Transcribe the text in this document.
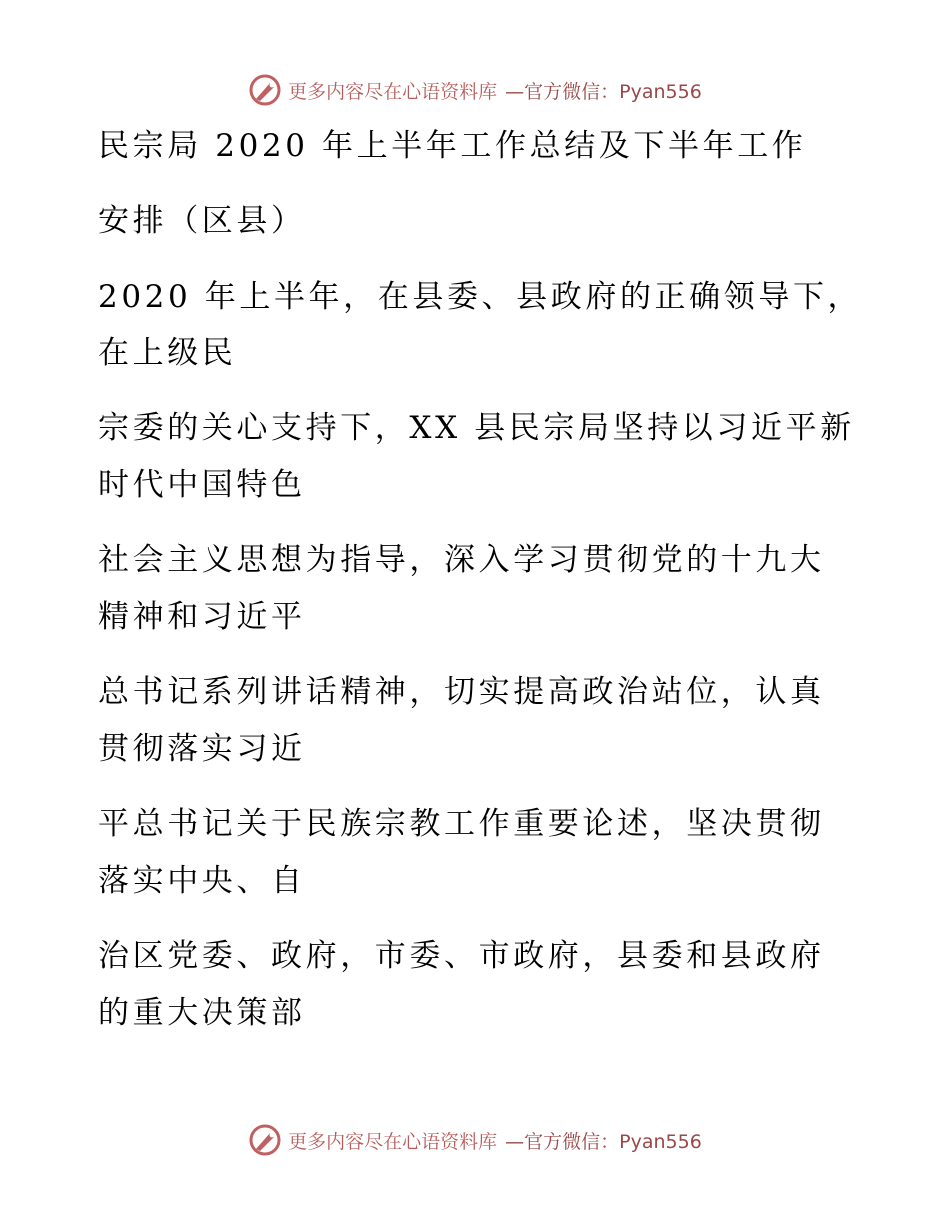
更多内容尽在心语资料库 —官方微信：Pyan556
民宗局 2020 年上半年工作总结及下半年工作
安排（区县）
2020 年上半年，在县委、县政府的正确领导下，
在上级民
宗委的关心支持下，XX 县民宗局坚持以习近平新
时代中国特色
社会主义思想为指导，深入学习贯彻党的十九大
精神和习近平
总书记系列讲话精神，切实提高政治站位，认真
贯彻落实习近
平总书记关于民族宗教工作重要论述，坚决贯彻
落实中央、自
治区党委、政府，市委、市政府，县委和县政府
的重大决策部
更多内容尽在心语资料库 —官方微信：Pyan556
